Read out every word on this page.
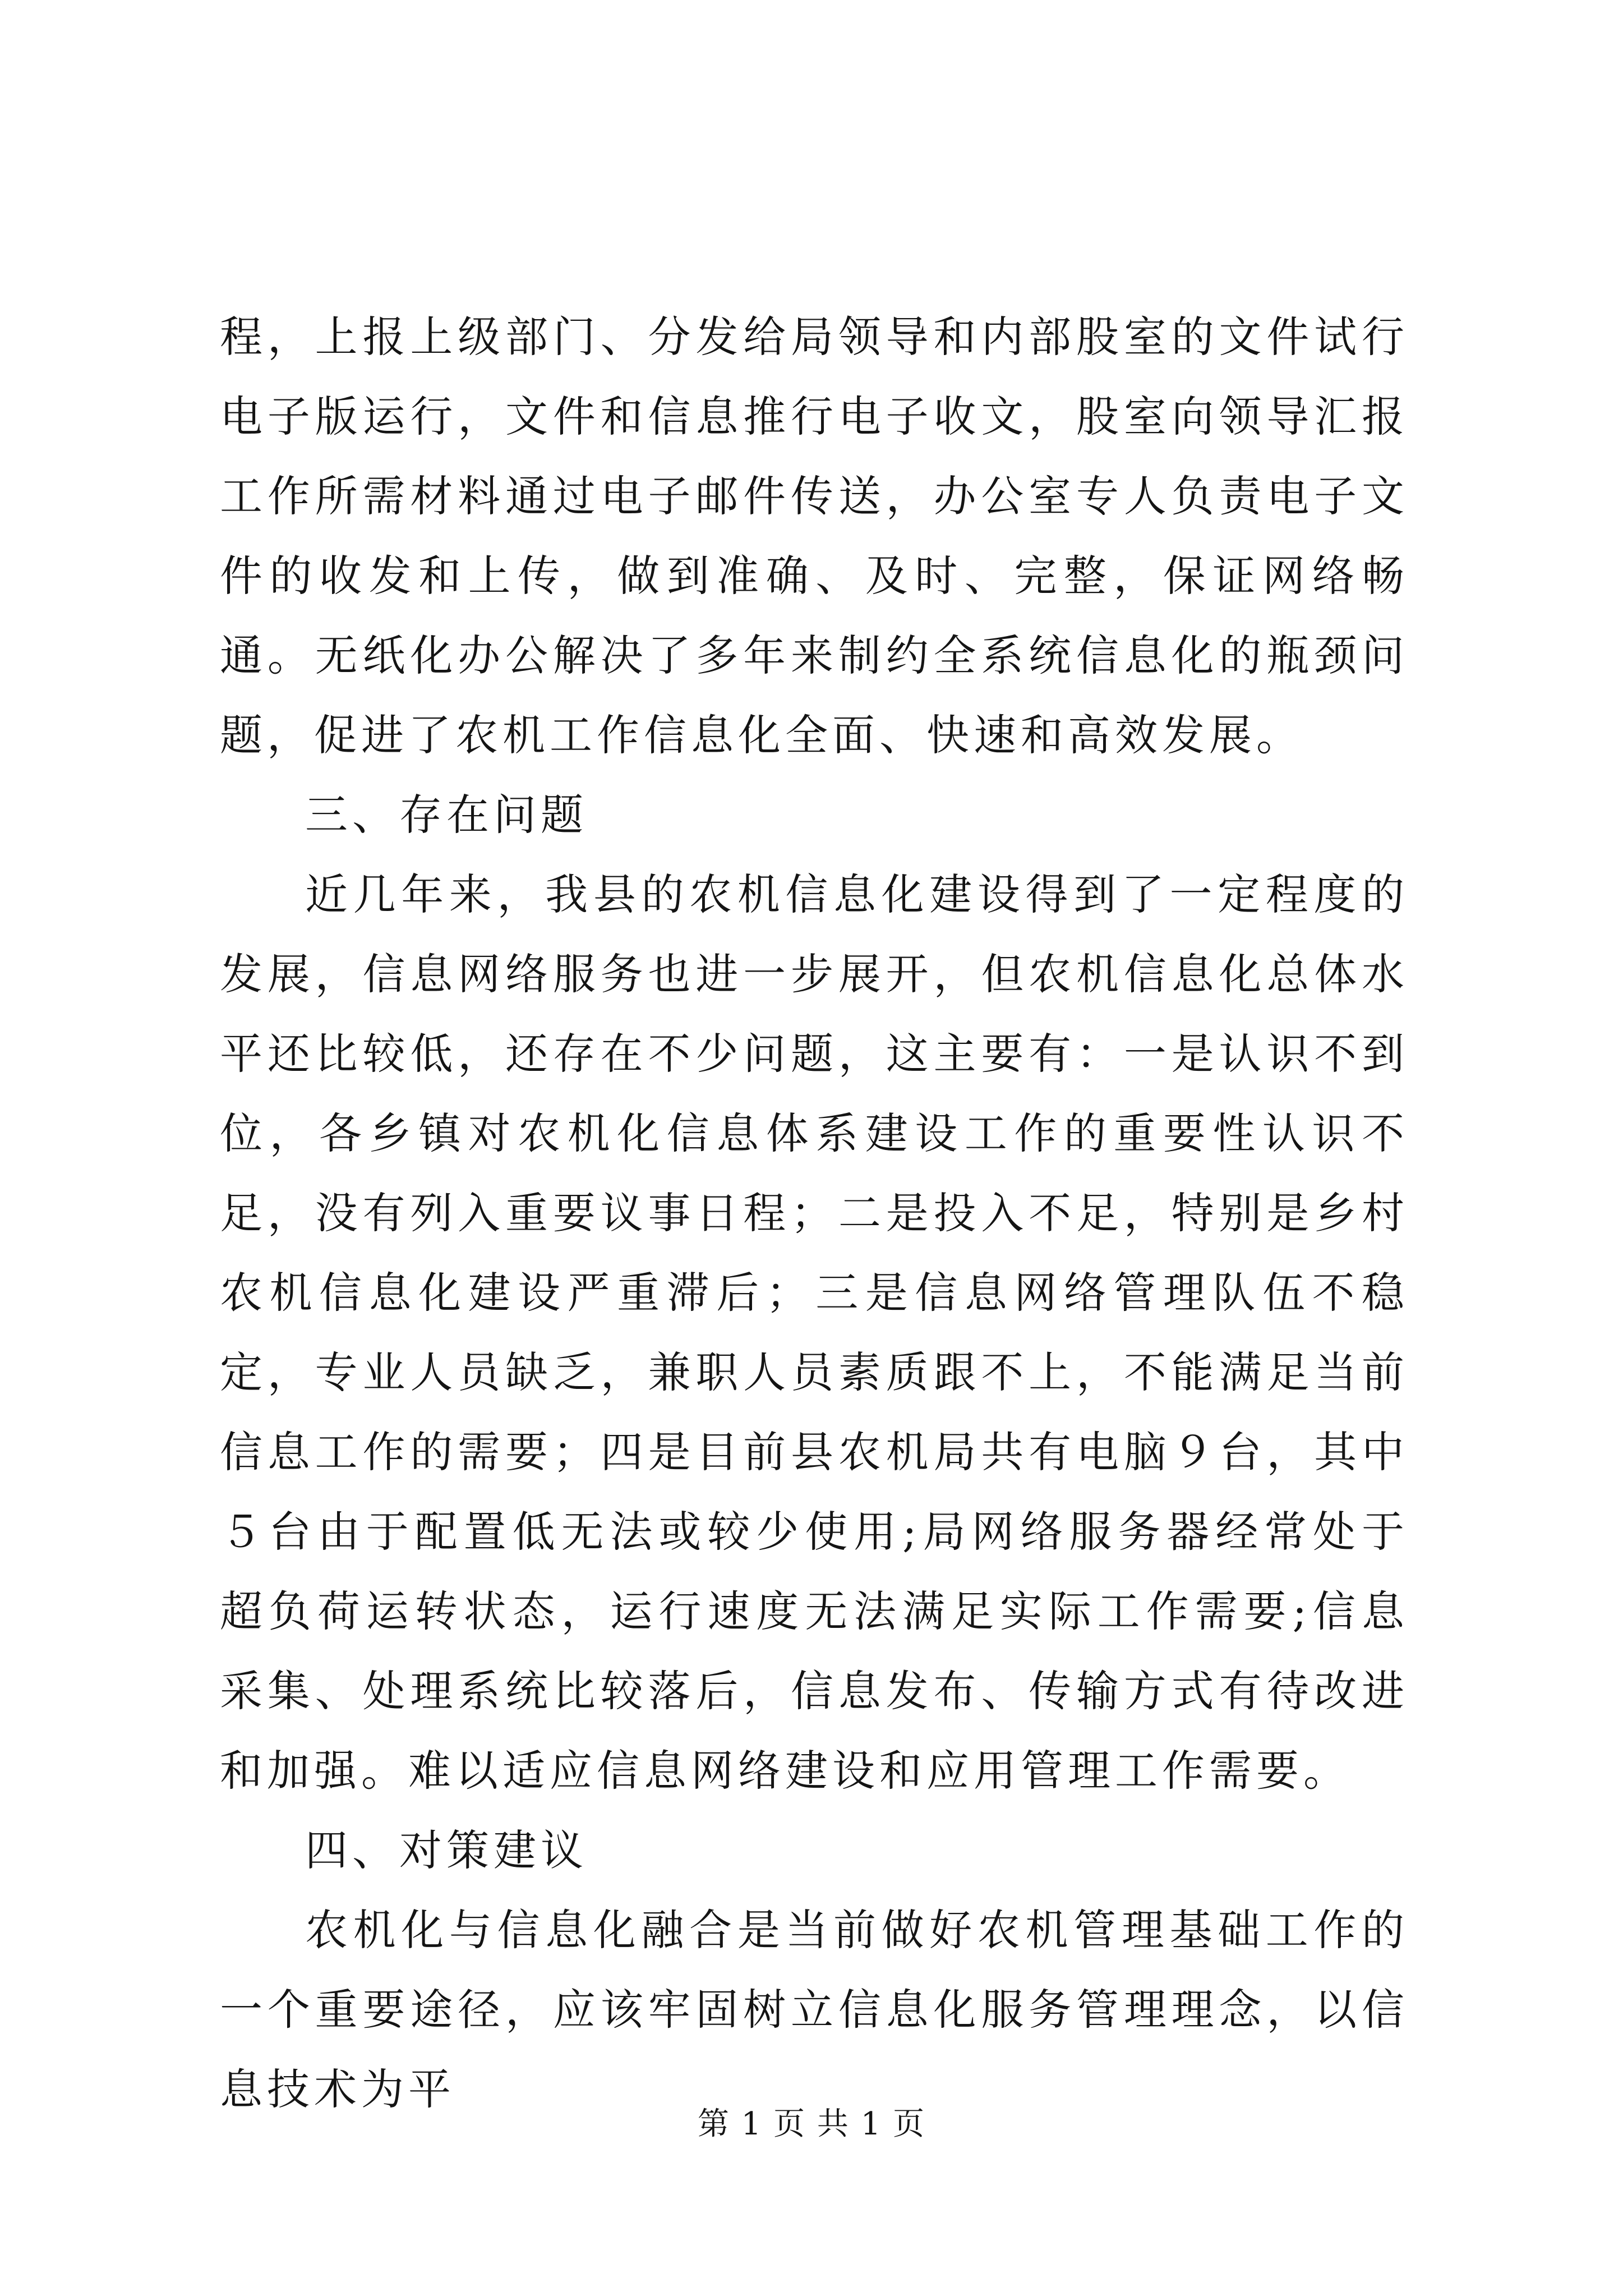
程，上报上级部门、分发给局领导和内部股室的文件试行电子版运行，文件和信息推行电子收文，股室向领导汇报工作所需材料通过电子邮件传送，办公室专人负责电子文件的收发和上传，做到准确、及时、完整，保证网络畅通。无纸化办公解决了多年来制约全系统信息化的瓶颈问题，促进了农机工作信息化全面、快速和高效发展。

三、存在问题

近几年来，我县的农机信息化建设得到了一定程度的发展，信息网络服务也进一步展开，但农机信息化总体水平还比较低，还存在不少问题，这主要有：一是认识不到位，各乡镇对农机化信息体系建设工作的重要性认识不足，没有列入重要议事日程；二是投入不足，特别是乡村农机信息化建设严重滞后；三是信息网络管理队伍不稳定，专业人员缺乏，兼职人员素质跟不上，不能满足当前信息工作的需要；四是目前县农机局共有电脑９台，其中５台由于配置低无法或较少使用;局网络服务器经常处于超负荷运转状态，运行速度无法满足实际工作需要;信息采集、处理系统比较落后，信息发布、传输方式有待改进和加强。难以适应信息网络建设和应用管理工作需要。

四、对策建议

农机化与信息化融合是当前做好农机管理基础工作的一个重要途径，应该牢固树立信息化服务管理理念，以信息技术为平

第 1 页 共 1 页
